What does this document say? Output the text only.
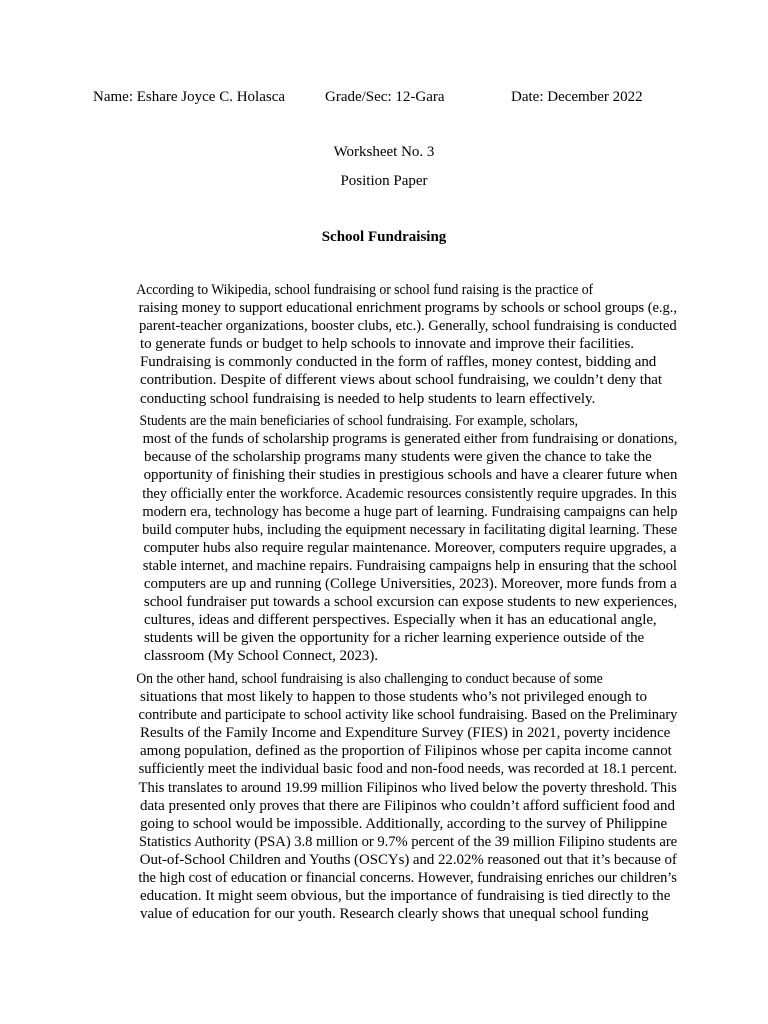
Name: Eshare Joyce C. Holasca	Grade/Sec: 12-Gara	Date: December 2022
Worksheet No. 3
Position Paper
School Fundraising

According to Wikipedia, school fundraising or school fund raising is the practice of
raising money to support educational enrichment programs by schools or school groups (e.g.,
parent-teacher organizations, booster clubs, etc.). Generally, school fundraising is conducted
to generate funds or budget to help schools to innovate and improve their facilities.
Fundraising is commonly conducted in the form of raffles, money contest, bidding and
contribution. Despite of different views about school fundraising, we couldn’t deny that
conducting school fundraising is needed to help students to learn effectively.

Students are the main beneficiaries of school fundraising. For example, scholars,
most of the funds of scholarship programs is generated either from fundraising or donations,
because of the scholarship programs many students were given the chance to take the
opportunity of finishing their studies in prestigious schools and have a clearer future when
they officially enter the workforce. Academic resources consistently require upgrades. In this
modern era, technology has become a huge part of learning. Fundraising campaigns can help
build computer hubs, including the equipment necessary in facilitating digital learning. These
computer hubs also require regular maintenance. Moreover, computers require upgrades, a
stable internet, and machine repairs. Fundraising campaigns help in ensuring that the school
computers are up and running (College Universities, 2023). Moreover, more funds from a
school fundraiser put towards a school excursion can expose students to new experiences,
cultures, ideas and different perspectives. Especially when it has an educational angle,
students will be given the opportunity for a richer learning experience outside of the
classroom (My School Connect, 2023).

On the other hand, school fundraising is also challenging to conduct because of some
situations that most likely to happen to those students who’s not privileged enough to
contribute and participate to school activity like school fundraising. Based on the Preliminary
Results of the Family Income and Expenditure Survey (FIES) in 2021, poverty incidence
among population, defined as the proportion of Filipinos whose per capita income cannot
sufficiently meet the individual basic food and non-food needs, was recorded at 18.1 percent.
This translates to around 19.99 million Filipinos who lived below the poverty threshold. This
data presented only proves that there are Filipinos who couldn’t afford sufficient food and
going to school would be impossible. Additionally, according to the survey of Philippine
Statistics Authority (PSA) 3.8 million or 9.7% percent of the 39 million Filipino students are
Out-of-School Children and Youths (OSCYs) and 22.02% reasoned out that it’s because of
the high cost of education or financial concerns. However, fundraising enriches our children’s
education. It might seem obvious, but the importance of fundraising is tied directly to the
value of education for our youth. Research clearly shows that unequal school funding
